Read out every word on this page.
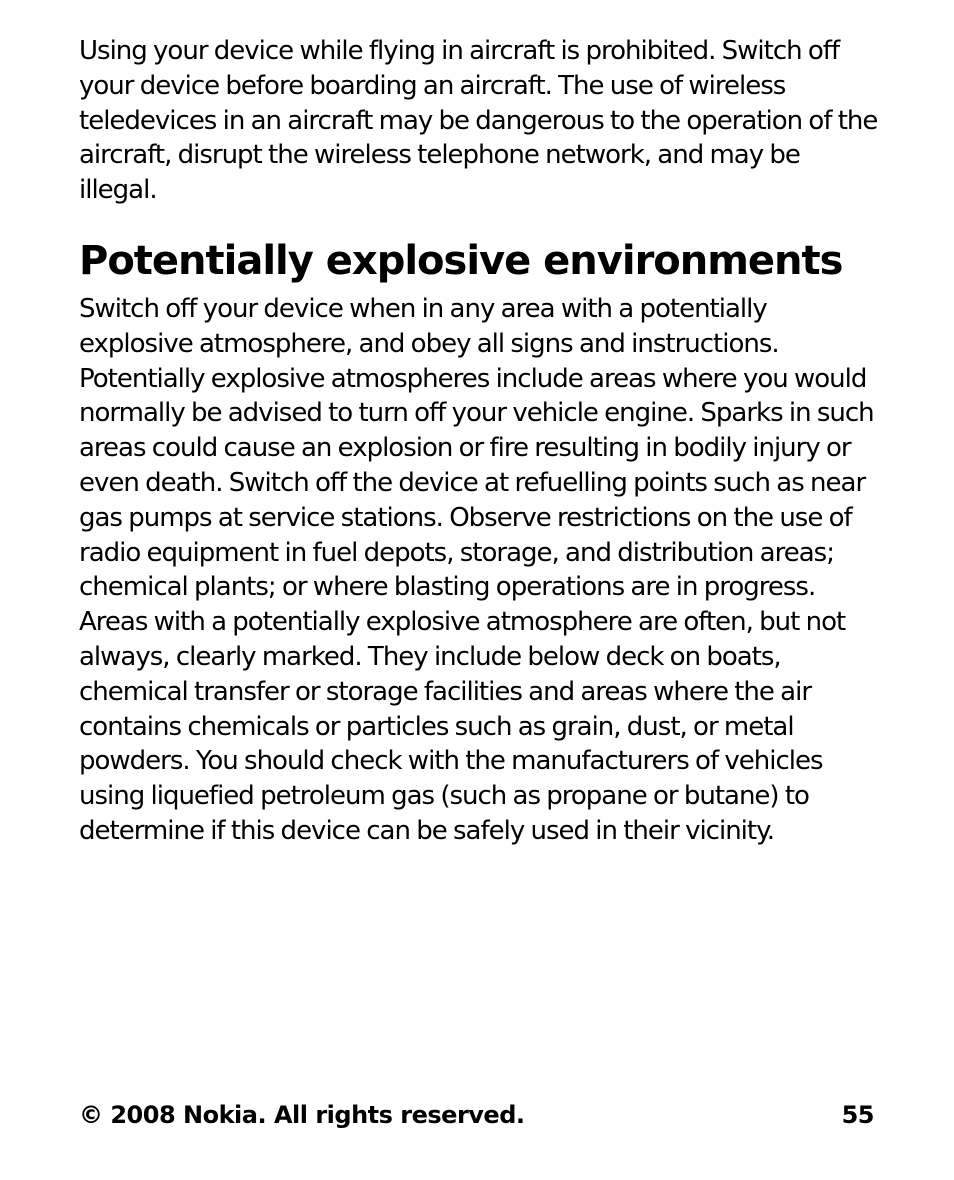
Using your device while flying in aircraft is prohibited. Switch off your device before boarding an aircraft. The use of wireless teledevices in an aircraft may be dangerous to the operation of the aircraft, disrupt the wireless telephone network, and may be illegal.

Potentially explosive environments

Switch off your device when in any area with a potentially explosive atmosphere, and obey all signs and instructions. Potentially explosive atmospheres include areas where you would normally be advised to turn off your vehicle engine. Sparks in such areas could cause an explosion or fire resulting in bodily injury or even death. Switch off the device at refuelling points such as near gas pumps at service stations. Observe restrictions on the use of radio equipment in fuel depots, storage, and distribution areas; chemical plants; or where blasting operations are in progress. Areas with a potentially explosive atmosphere are often, but not always, clearly marked. They include below deck on boats, chemical transfer or storage facilities and areas where the air contains chemicals or particles such as grain, dust, or metal powders. You should check with the manufacturers of vehicles using liquefied petroleum gas (such as propane or butane) to determine if this device can be safely used in their vicinity.

© 2008 Nokia. All rights reserved.	55
